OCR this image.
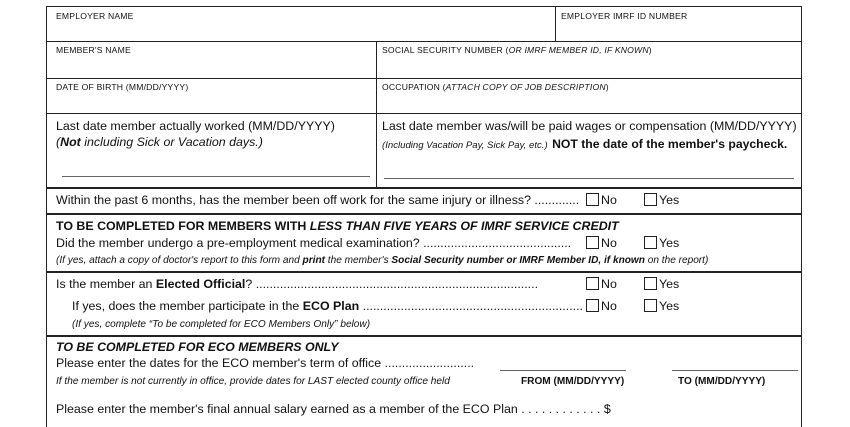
EMPLOYER NAME	EMPLOYER IMRF ID NUMBER
MEMBER'S NAME	SOCIAL SECURITY NUMBER (OR IMRF MEMBER ID, IF KNOWN)
DATE OF BIRTH (MM/DD/YYYY)	OCCUPATION (ATTACH COPY OF JOB DESCRIPTION)
Last date member actually worked (MM/DD/YYYY)
(Not including Sick or Vacation days.)
Last date member was/will be paid wages or compensation (MM/DD/YYYY)
(Including Vacation Pay, Sick Pay, etc.) NOT the date of the member's paycheck.
Within the past 6 months, has the member been off work for the same injury or illness? ............. No	Yes
TO BE COMPLETED FOR MEMBERS WITH LESS THAN FIVE YEARS OF IMRF SERVICE CREDIT
Did the member undergo a pre-employment medical examination? ........................................... No	Yes
(If yes, attach a copy of doctor's report to this form and print the member's Social Security number or IMRF Member ID, if known on the report)
Is the member an Elected Official? ..................................................................................	No	Yes
If yes, does the member participate in the ECO Plan ................................................................ No	Yes
(If yes, complete “To be completed for ECO Members Only” below)
TO BE COMPLETED FOR ECO MEMBERS ONLY
Please enter the dates for the ECO member's term of office ..........................
If the member is not currently in office, provide dates for LAST elected county office held	FROM (MM/DD/YYYY)	TO (MM/DD/YYYY)
Please enter the member's final annual salary earned as a member of the ECO Plan . . . . . . . . . . . . $
